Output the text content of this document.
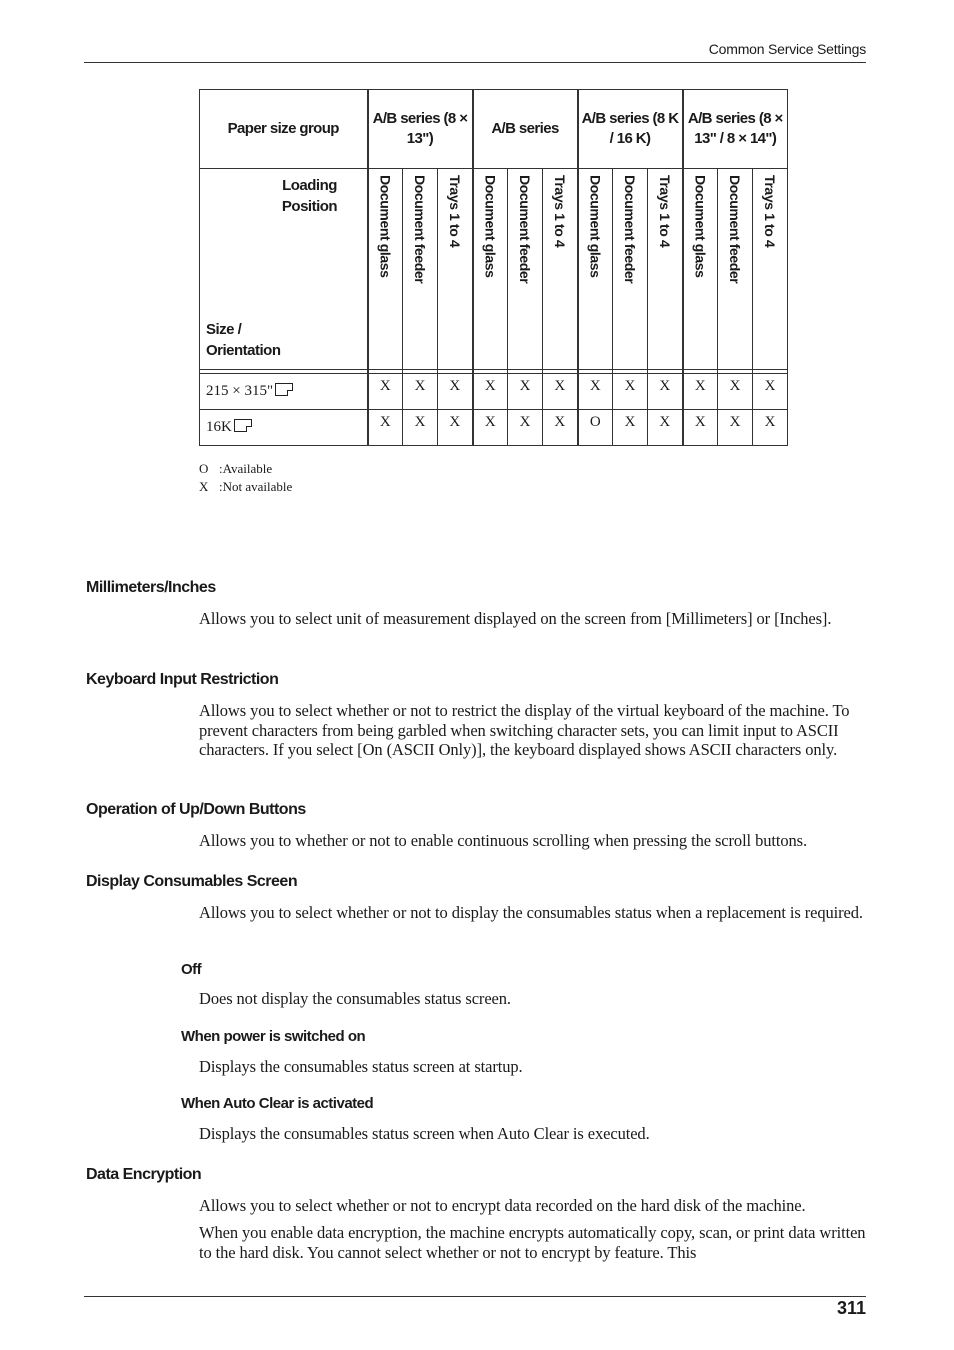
Common Service Settings
Paper size group	A/B series (8 × 13")			A/B series			A/B series (8 K / 16 K)			A/B series (8 × 13" / 8 × 14")		

Loading Position
Size / Orientation	Document glass	Document feeder	Trays 1 to 4	Document glass	Document feeder	Trays 1 to 4	Document glass	Document feeder	Trays 1 to 4	Document glass	Document feeder	Trays 1 to 4

215 × 315"	X	X	X	X	X	X	X	X	X	X	X	X
16K	X	X	X	X	X	X	O	X	X	X	X	X
O :Available
X :Not available
Millimeters/Inches

Allows you to select unit of measurement displayed on the screen from [Millimeters] or [Inches].

Keyboard Input Restriction

Allows you to select whether or not to restrict the display of the virtual keyboard of the machine. To prevent characters from being garbled when switching character sets, you can limit input to ASCII characters. If you select [On (ASCII Only)], the keyboard displayed shows ASCII characters only.

Operation of Up/Down Buttons

Allows you to whether or not to enable continuous scrolling when pressing the scroll buttons.

Display Consumables Screen

Allows you to select whether or not to display the consumables status when a replacement is required.

Off

Does not display the consumables status screen.

When power is switched on

Displays the consumables status screen at startup.

When Auto Clear is activated

Displays the consumables status screen when Auto Clear is executed.

Data Encryption

Allows you to select whether or not to encrypt data recorded on the hard disk of the machine.

When you enable data encryption, the machine encrypts automatically copy, scan, or print data written to the hard disk. You cannot select whether or not to encrypt by feature. This

311
